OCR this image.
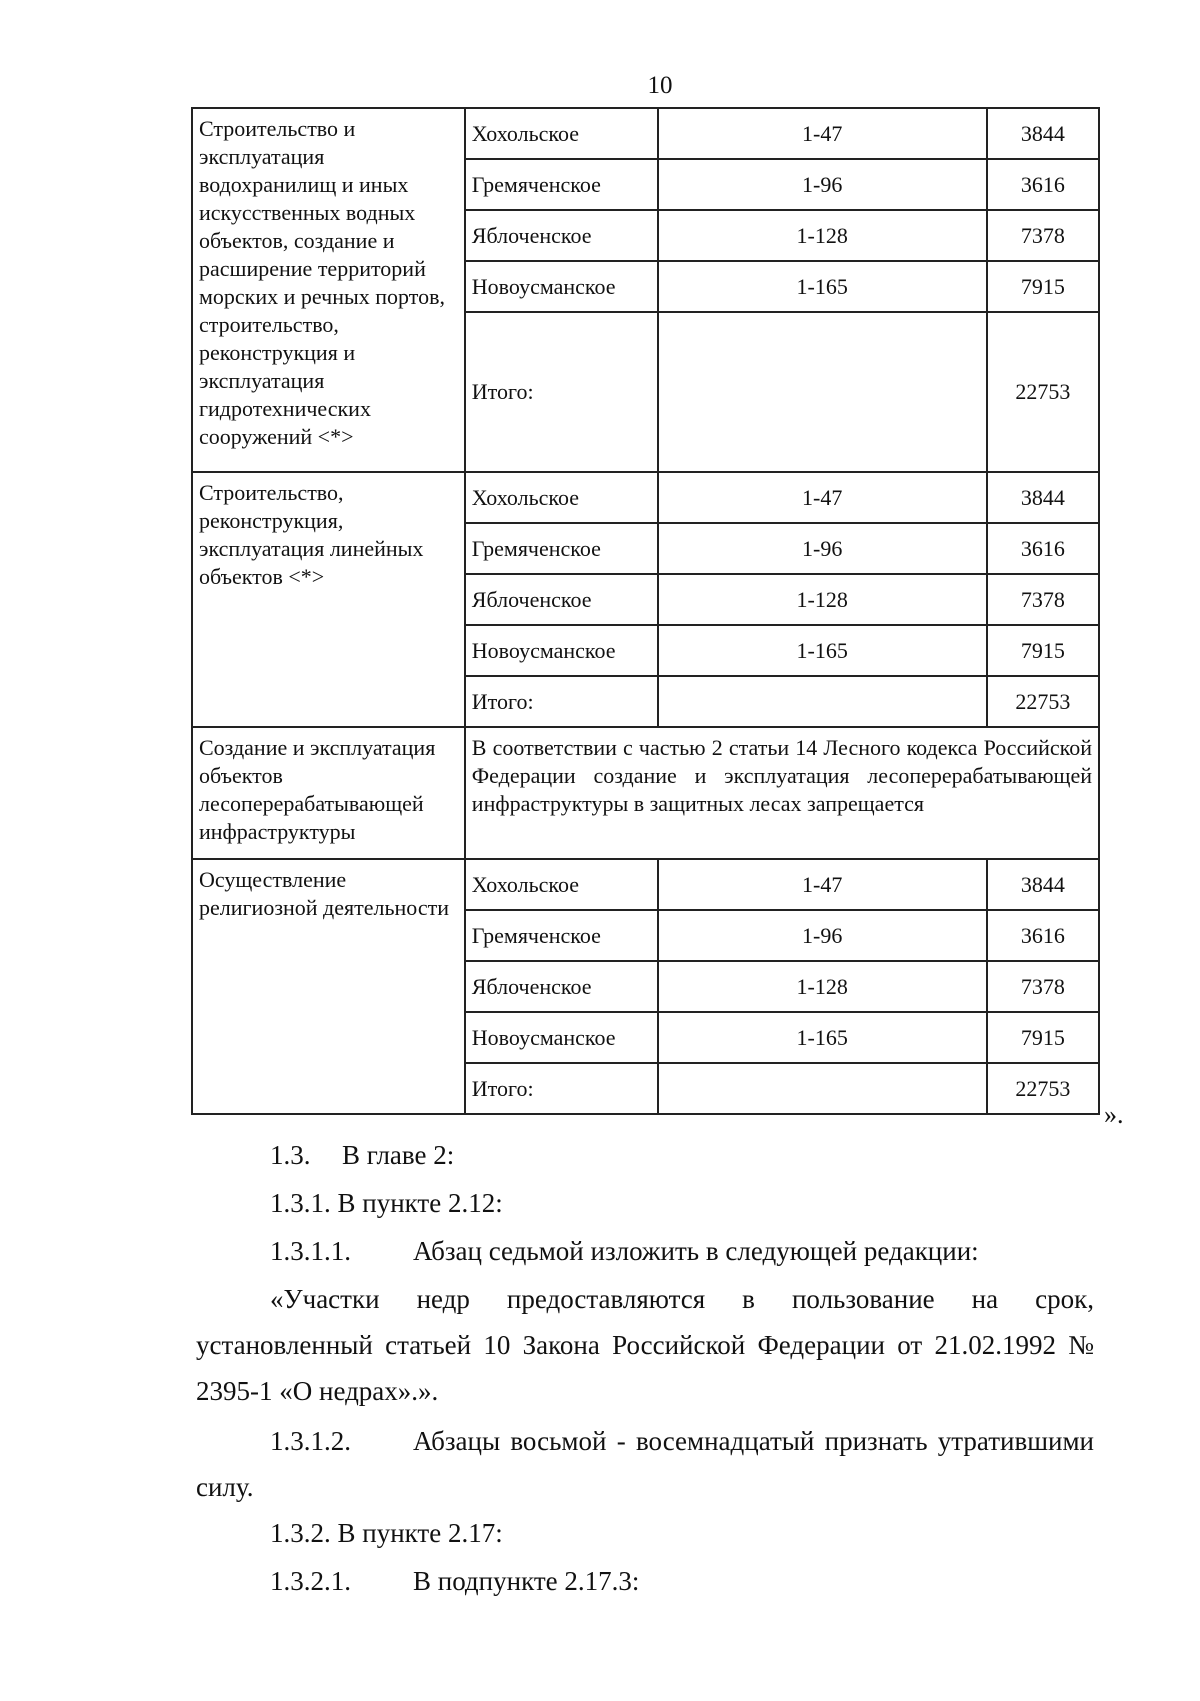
10
Строительство и эксплуатация водохранилищ и иных искусственных водных объектов, создание и расширение территорий морских и речных портов, строительство, реконструкция и эксплуатация гидротехнических сооружений <*>	Хохольское	1-47	3844
	Гремяченское	1-96	3616
	Яблоченское	1-128	7378
	Новоусманское	1-165	7915
	Итого:		22753
Строительство, реконструкция, эксплуатация линейных объектов <*>	Хохольское	1-47	3844
	Гремяченское	1-96	3616
	Яблоченское	1-128	7378
	Новоусманское	1-165	7915
	Итого:		22753
Создание и эксплуатация объектов лесоперерабатывающей инфраструктуры	В соответствии с частью 2 статьи 14 Лесного кодекса Российской Федерации создание и эксплуатация лесоперерабатывающей инфраструктуры в защитных лесах запрещается		
Осуществление религиозной деятельности	Хохольское	1-47	3844
	Гремяченское	1-96	3616
	Яблоченское	1-128	7378
	Новоусманское	1-165	7915
	Итого:		22753
».
1.3. В главе 2:
1.3.1. В пункте 2.12:
1.3.1.1. Абзац седьмой изложить в следующей редакции:
«Участки недр предоставляются в пользование на срок, установленный статьей 10 Закона Российской Федерации от 21.02.1992 № 2395-1 «О недрах».».
1.3.1.2. Абзацы восьмой - восемнадцатый признать утратившими силу.
1.3.2. В пункте 2.17:
1.3.2.1. В подпункте 2.17.3:
